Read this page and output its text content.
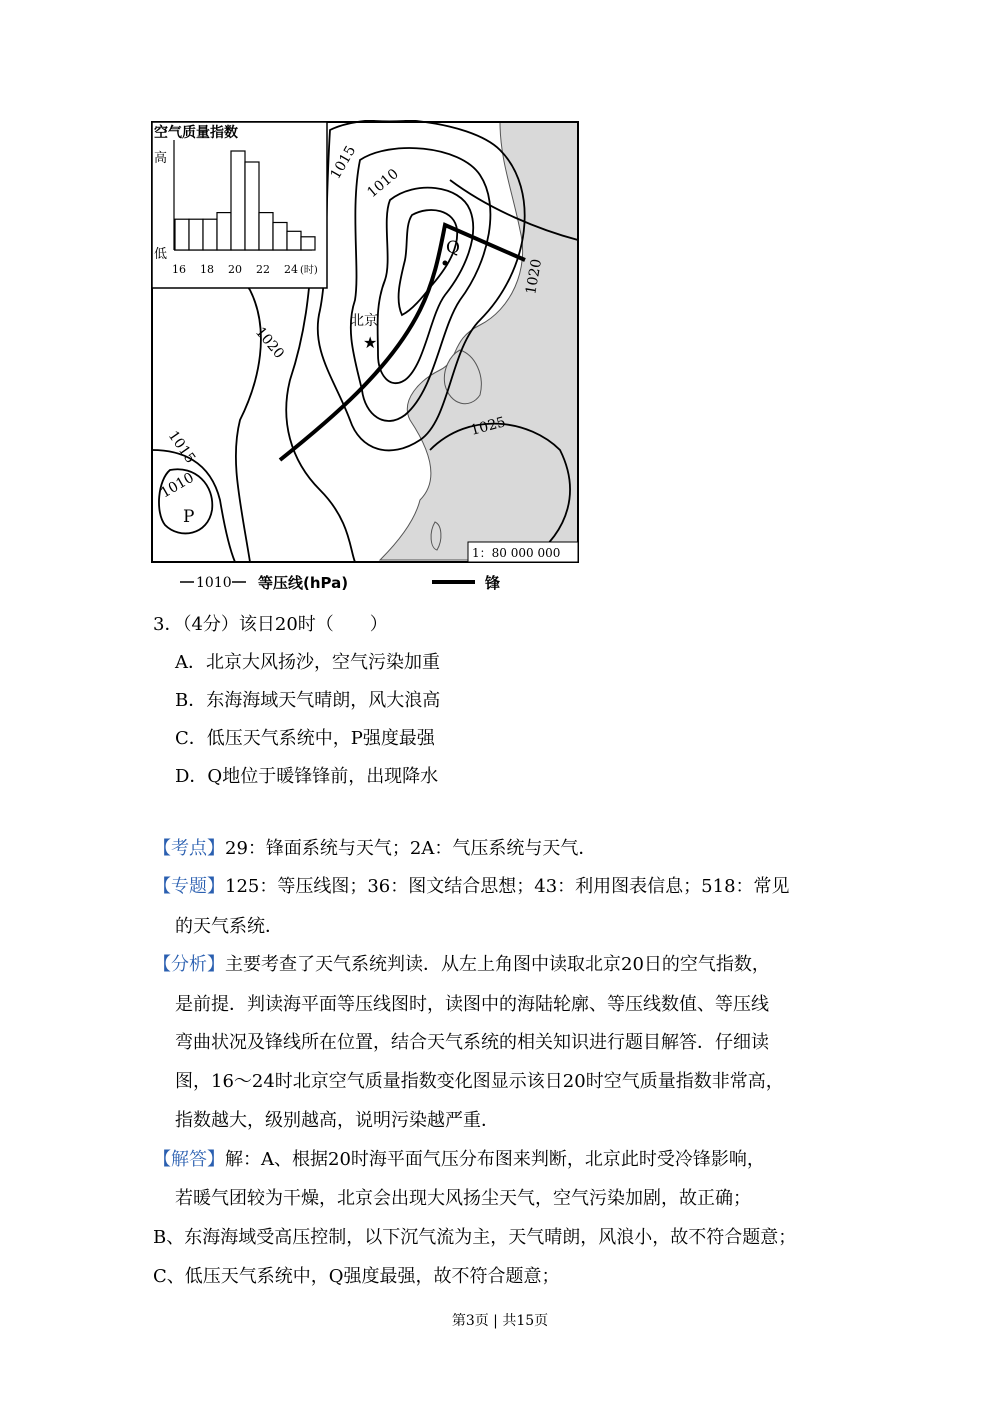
空气质量指数
高
低
16 18 20 22 24 (时)
1015
1010
1020
1020
1025
1015
1010
北京
★
Q
P
1：80 000 000
1010 等压线(hPa)	锋
3．（4分）该日20时（　　）
A．北京大风扬沙，空气污染加重
B．东海海域天气晴朗，风大浪高
C．低压天气系统中，P强度最强
D．Q地位于暖锋锋前，出现降水
【考点】29：锋面系统与天气；2A：气压系统与天气．
【专题】125：等压线图；36：图文结合思想；43：利用图表信息；518：常见
的天气系统．
【分析】主要考查了天气系统判读．从左上角图中读取北京20日的空气指数，
是前提．判读海平面等压线图时，读图中的海陆轮廓、等压线数值、等压线
弯曲状况及锋线所在位置，结合天气系统的相关知识进行题目解答．仔细读
图，16～24时北京空气质量指数变化图显示该日20时空气质量指数非常高，
指数越大，级别越高，说明污染越严重．
【解答】解：A、根据20时海平面气压分布图来判断，北京此时受冷锋影响，
若暖气团较为干燥，北京会出现大风扬尘天气，空气污染加剧，故正确；
B、东海海域受高压控制，以下沉气流为主，天气晴朗，风浪小，故不符合题意；
C、低压天气系统中，Q强度最强，故不符合题意；
第3页 | 共15页
